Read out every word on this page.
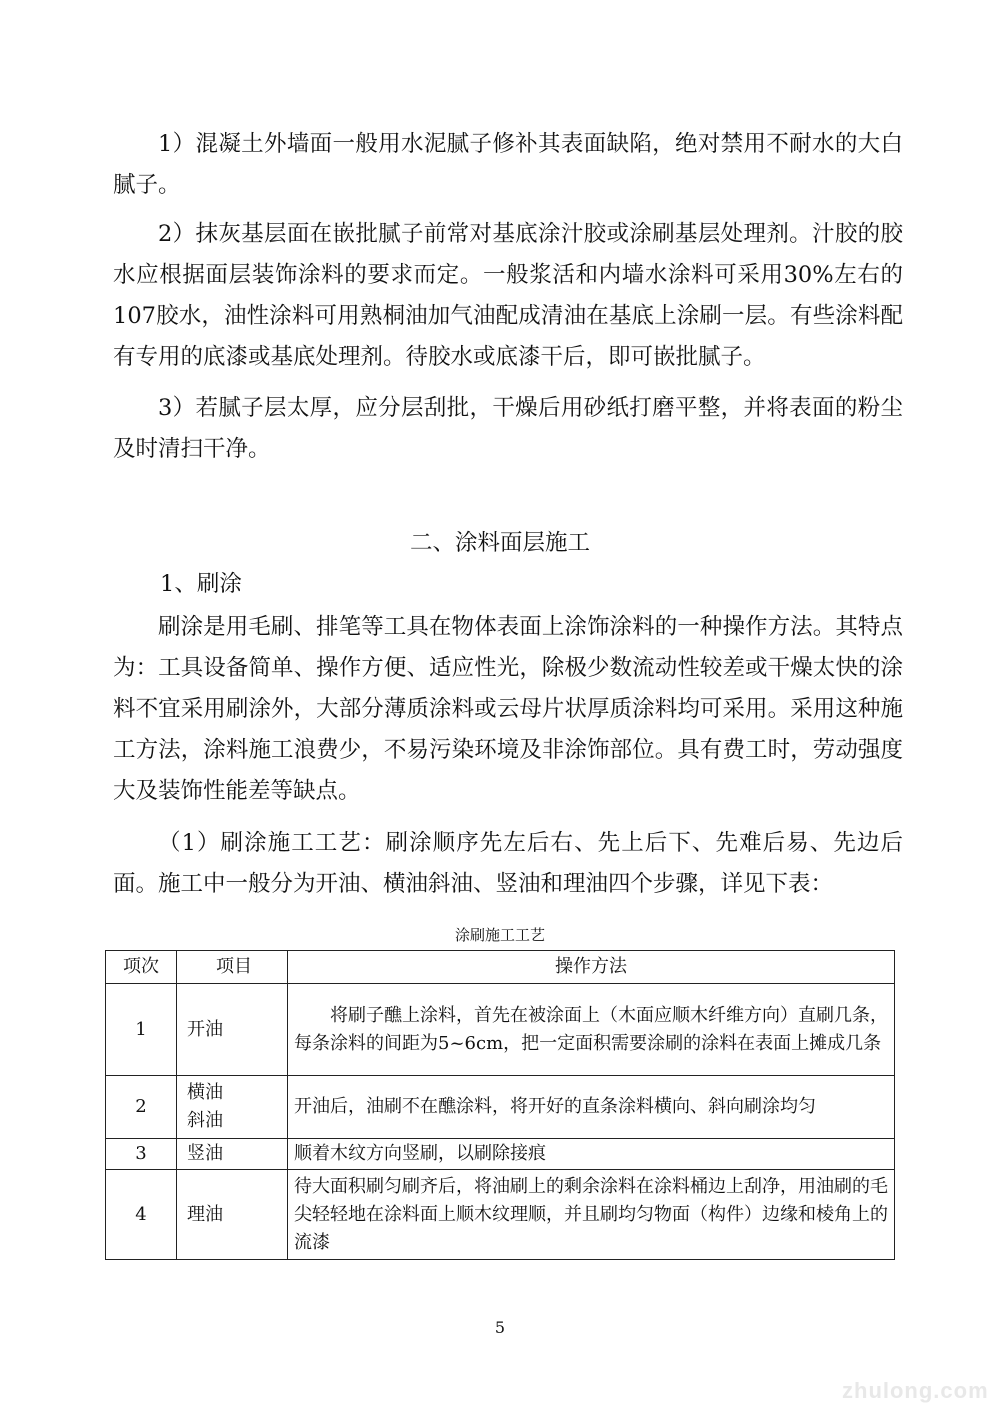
1）混凝土外墙面一般用水泥腻子修补其表面缺陷，绝对禁用不耐水的大白腻子。

2）抹灰基层面在嵌批腻子前常对基底涂汁胶或涂刷基层处理剂。汁胶的胶水应根据面层装饰涂料的要求而定。一般浆活和内墙水涂料可采用30%左右的107胶水，油性涂料可用熟桐油加气油配成清油在基底上涂刷一层。有些涂料配有专用的底漆或基底处理剂。待胶水或底漆干后，即可嵌批腻子。

3）若腻子层太厚，应分层刮批，干燥后用砂纸打磨平整，并将表面的粉尘及时清扫干净。

二、涂料面层施工
1、刷涂

刷涂是用毛刷、排笔等工具在物体表面上涂饰涂料的一种操作方法。其特点为：工具设备简单、操作方便、适应性光，除极少数流动性较差或干燥太快的涂料不宜采用刷涂外，大部分薄质涂料或云母片状厚质涂料均可采用。采用这种施工方法，涂料施工浪费少，不易污染环境及非涂饰部位。具有费工时，劳动强度大及装饰性能差等缺点。

（1）刷涂施工工艺：刷涂顺序先左后右、先上后下、先难后易、先边后面。施工中一般分为开油、横油斜油、竖油和理油四个步骤，详见下表：

涂刷施工工艺
项次	项目	操作方法
1	开油	将刷子醮上涂料，首先在被涂面上（木面应顺木纤维方向）直刷几条，每条涂料的间距为5~6cm，把一定面积需要涂刷的涂料在表面上摊成几条
2	横油
斜油	开油后，油刷不在醮涂料，将开好的直条涂料横向、斜向刷涂均匀
3	竖油	顺着木纹方向竖刷，以刷除接痕
4	理油	待大面积刷匀刷齐后，将油刷上的剩余涂料在涂料桶边上刮净，用油刷的毛尖轻轻地在涂料面上顺木纹理顺，并且刷均匀物面（构件）边缘和棱角上的流漆
5
zhulong.com
